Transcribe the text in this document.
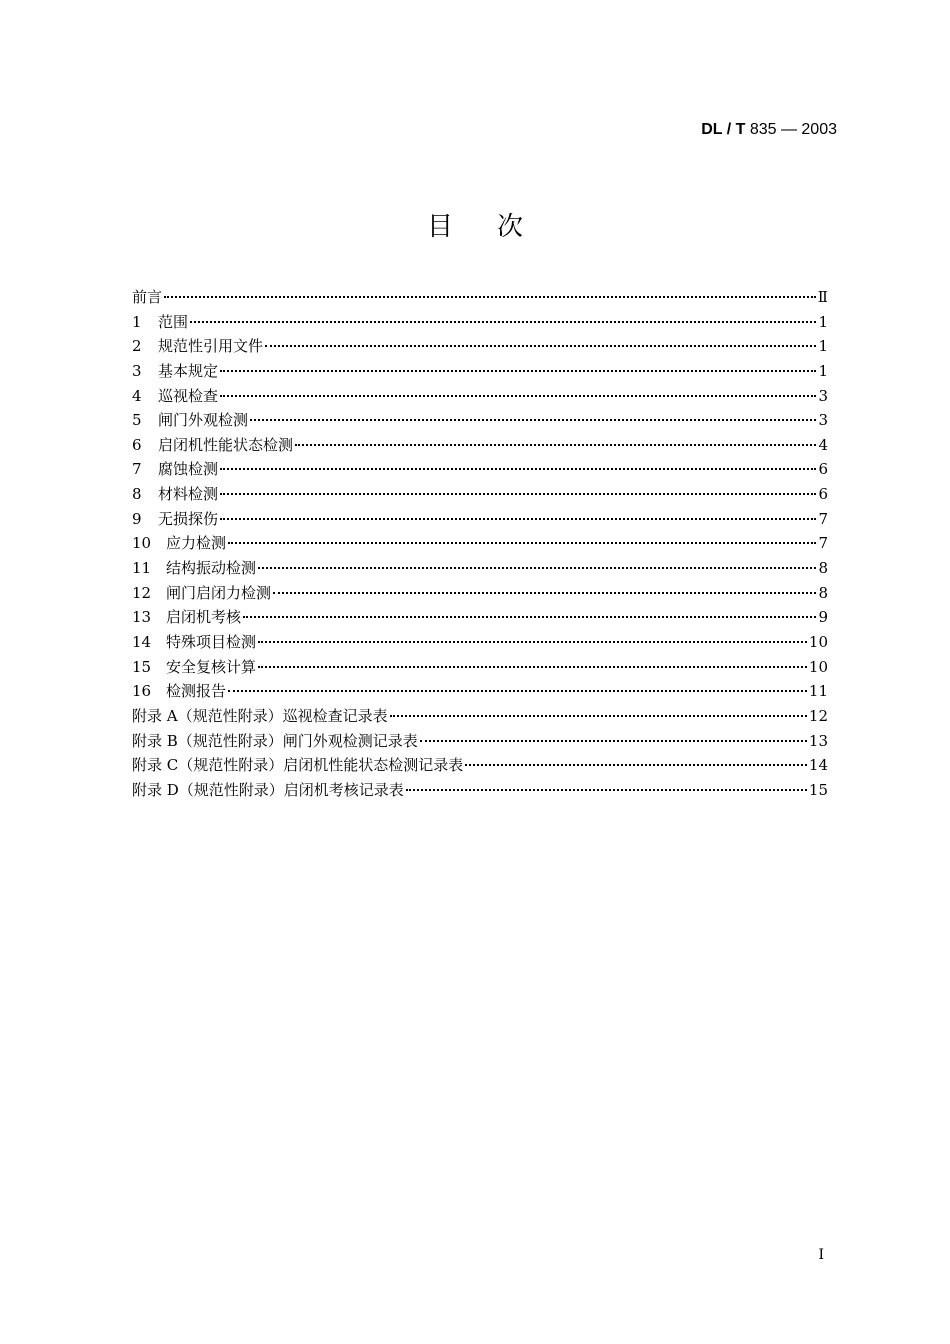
DL / T 835 — 2003
目次
前言	Ⅱ
1	范围	1
2	规范性引用文件	1
3	基本规定	1
4	巡视检查	3
5	闸门外观检测	3
6	启闭机性能状态检测	4
7	腐蚀检测	6
8	材料检测	6
9	无损探伤	7
10 应力检测	7
11 结构振动检测	8
12 闸门启闭力检测	8
13 启闭机考核	9
14 特殊项目检测	10
15 安全复核计算	10
16 检测报告	11
附录 A（规范性附录）巡视检查记录表	12
附录 B（规范性附录）闸门外观检测记录表	13
附录 C（规范性附录）启闭机性能状态检测记录表	14
附录 D（规范性附录）启闭机考核记录表	15
I
